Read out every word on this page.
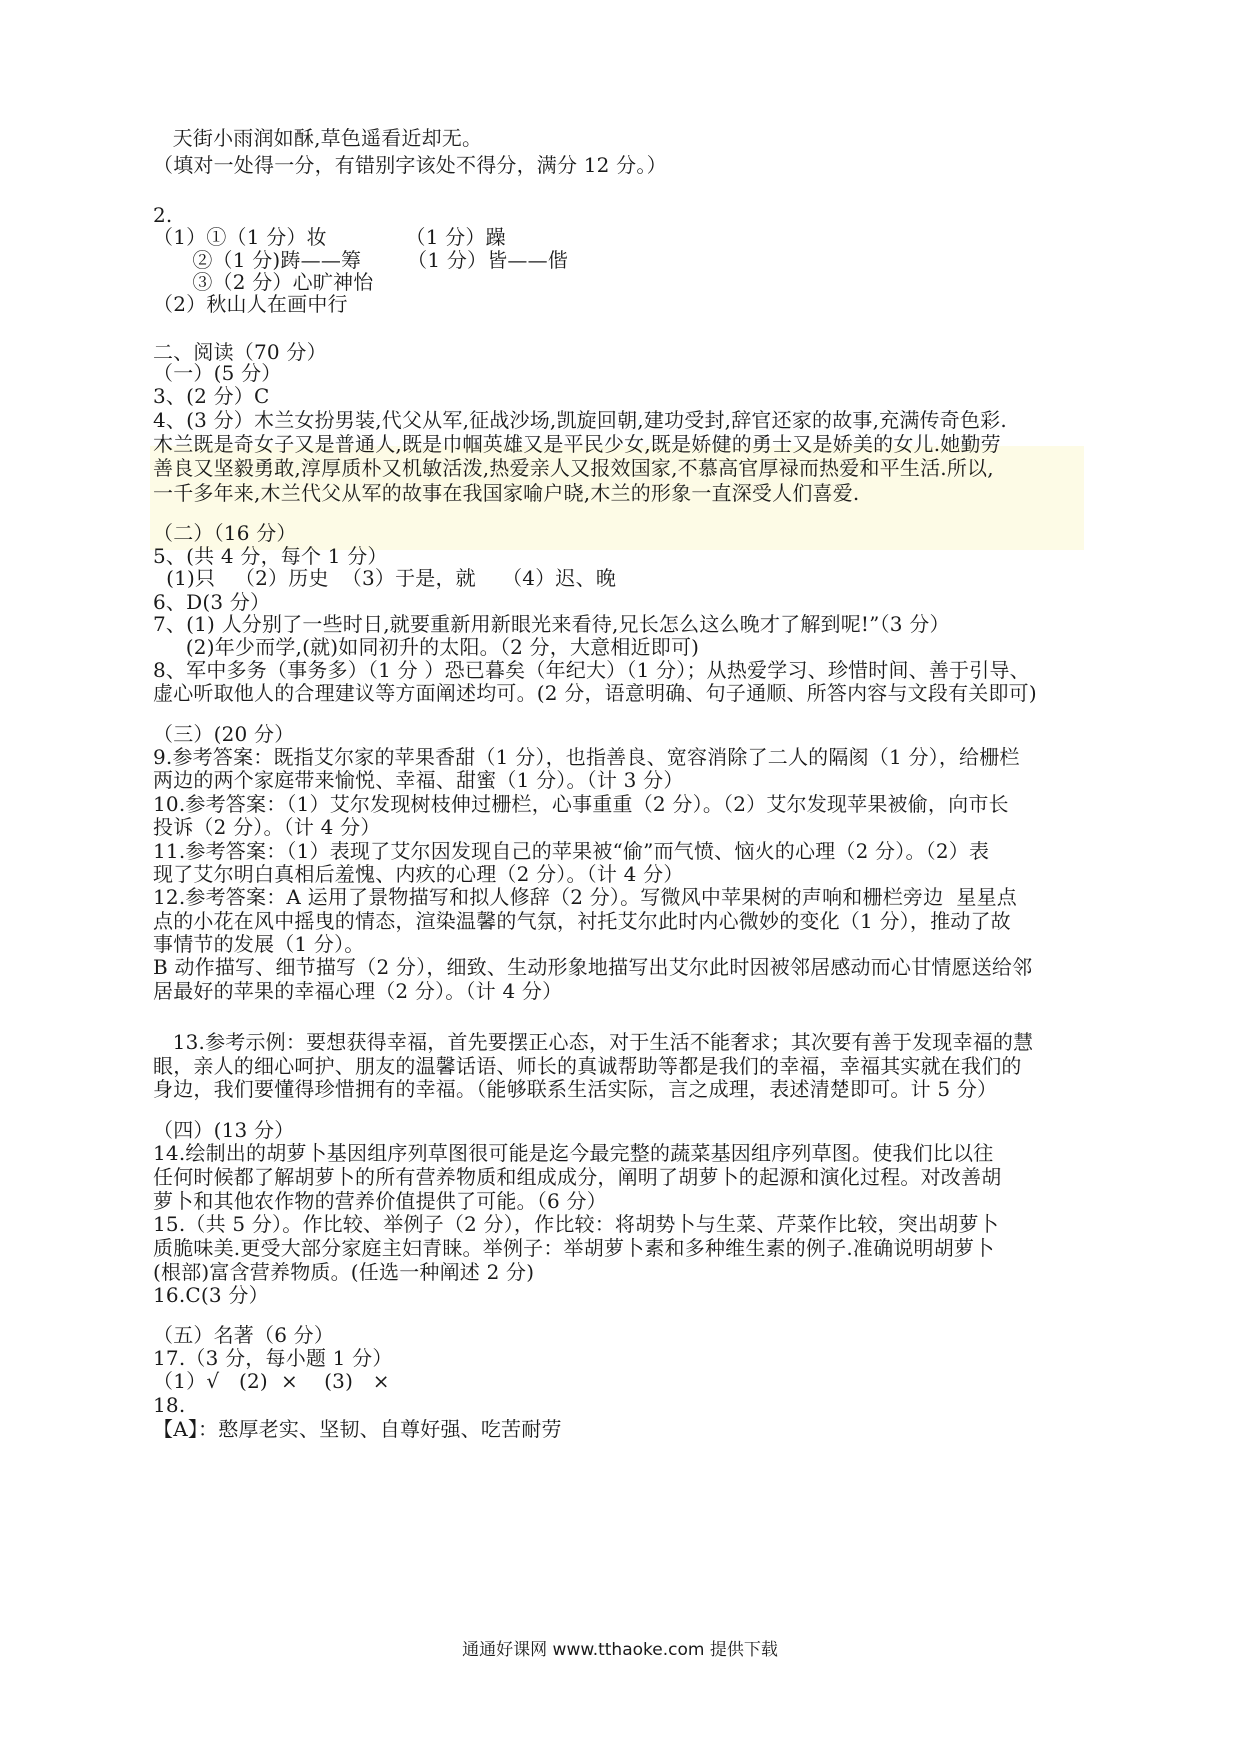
天街小雨润如酥,草色遥看近却无。
（填对一处得一分，有错别字该处不得分，满分 12 分。）
2.
（1）①（1 分）妆            （1 分）躁
②（1 分)踌——筹       （1 分）皆——偕
③（2 分）心旷神怡
（2）秋山人在画中行
二、阅读（70 分）
（一）(5 分）
3、(2 分）C
4、(3 分）木兰女扮男装,代父从军,征战沙场,凯旋回朝,建功受封,辞官还家的故事,充满传奇色彩.
木兰既是奇女子又是普通人,既是巾帼英雄又是平民少女,既是娇健的勇士又是娇美的女儿.她勤劳
善良又坚毅勇敢,淳厚质朴又机敏活泼,热爱亲人又报效国家,不慕高官厚禄而热爱和平生活.所以,
一千多年来,木兰代父从军的故事在我国家喻户晓,木兰的形象一直深受人们喜爱.
（二）（16 分）
5、(共 4 分，每个 1 分）
(1)只   （2）历史  （3）于是，就    （4）迟、晚
6、D(3 分）
7、(1) 人分别了一些时日,就要重新用新眼光来看待,兄长怎么这么晚才了解到呢!”（3 分）
(2)年少而学,(就)如同初升的太阳。（2 分，大意相近即可)
8、军中多务（事务多）（1 分 ）恐已暮矣（年纪大）（1 分）；从热爱学习、珍惜时间、善于引导、
虚心听取他人的合理建议等方面阐述均可。(2 分，语意明确、句子通顺、所答内容与文段有关即可)
（三）(20 分）
9.参考答案：既指艾尔家的苹果香甜（1 分），也指善良、宽容消除了二人的隔阂（1 分），给栅栏
两边的两个家庭带来愉悦、幸福、甜蜜（1 分）。（计 3 分）
10.参考答案：（1）艾尔发现树枝伸过栅栏，心事重重（2 分）。（2）艾尔发现苹果被偷，向市长
投诉（2 分）。（计 4 分）
11.参考答案：（1）表现了艾尔因发现自己的苹果被“偷”而气愤、恼火的心理（2 分）。（2）表
现了艾尔明白真相后羞愧、内疚的心理（2 分）。（计 4 分）
12.参考答案：A 运用了景物描写和拟人修辞（2 分）。写微风中苹果树的声响和栅栏旁边  星星点
点的小花在风中摇曳的情态，渲染温馨的气氛，衬托艾尔此时内心微妙的变化（1 分），推动了故
事情节的发展（1 分）。
B 动作描写、细节描写（2 分），细致、生动形象地描写出艾尔此时因被邻居感动而心甘情愿送给邻
居最好的苹果的幸福心理（2 分）。（计 4 分）
13.参考示例：要想获得幸福，首先要摆正心态，对于生活不能奢求；其次要有善于发现幸福的慧
眼，亲人的细心呵护、朋友的温馨话语、师长的真诚帮助等都是我们的幸福，幸福其实就在我们的
身边，我们要懂得珍惜拥有的幸福。（能够联系生活实际，言之成理，表述清楚即可。计 5 分）
（四）(13 分）
14.绘制出的胡萝卜基因组序列草图很可能是迄今最完整的蔬菜基因组序列草图。使我们比以往
任何时候都了解胡萝卜的所有营养物质和组成成分，阐明了胡萝卜的起源和演化过程。对改善胡
萝卜和其他农作物的营养价值提供了可能。（6 分）
15.（共 5 分）。作比较、举例子（2 分），作比较：将胡势卜与生菜、芹菜作比较，突出胡萝卜
质脆味美.更受大部分家庭主妇青睐。举例子：举胡萝卜素和多种维生素的例子.准确说明胡萝卜
(根部)富含营养物质。(任选一种阐述 2 分)
16.C(3 分）
（五）名著（6 分）
17.（3 分，每小题 1 分）
（1）√   (2)  ×    (3)   ×
18.
【A】：憨厚老实、坚韧、自尊好强、吃苦耐劳
通通好课网 www.tthaoke.com 提供下载
